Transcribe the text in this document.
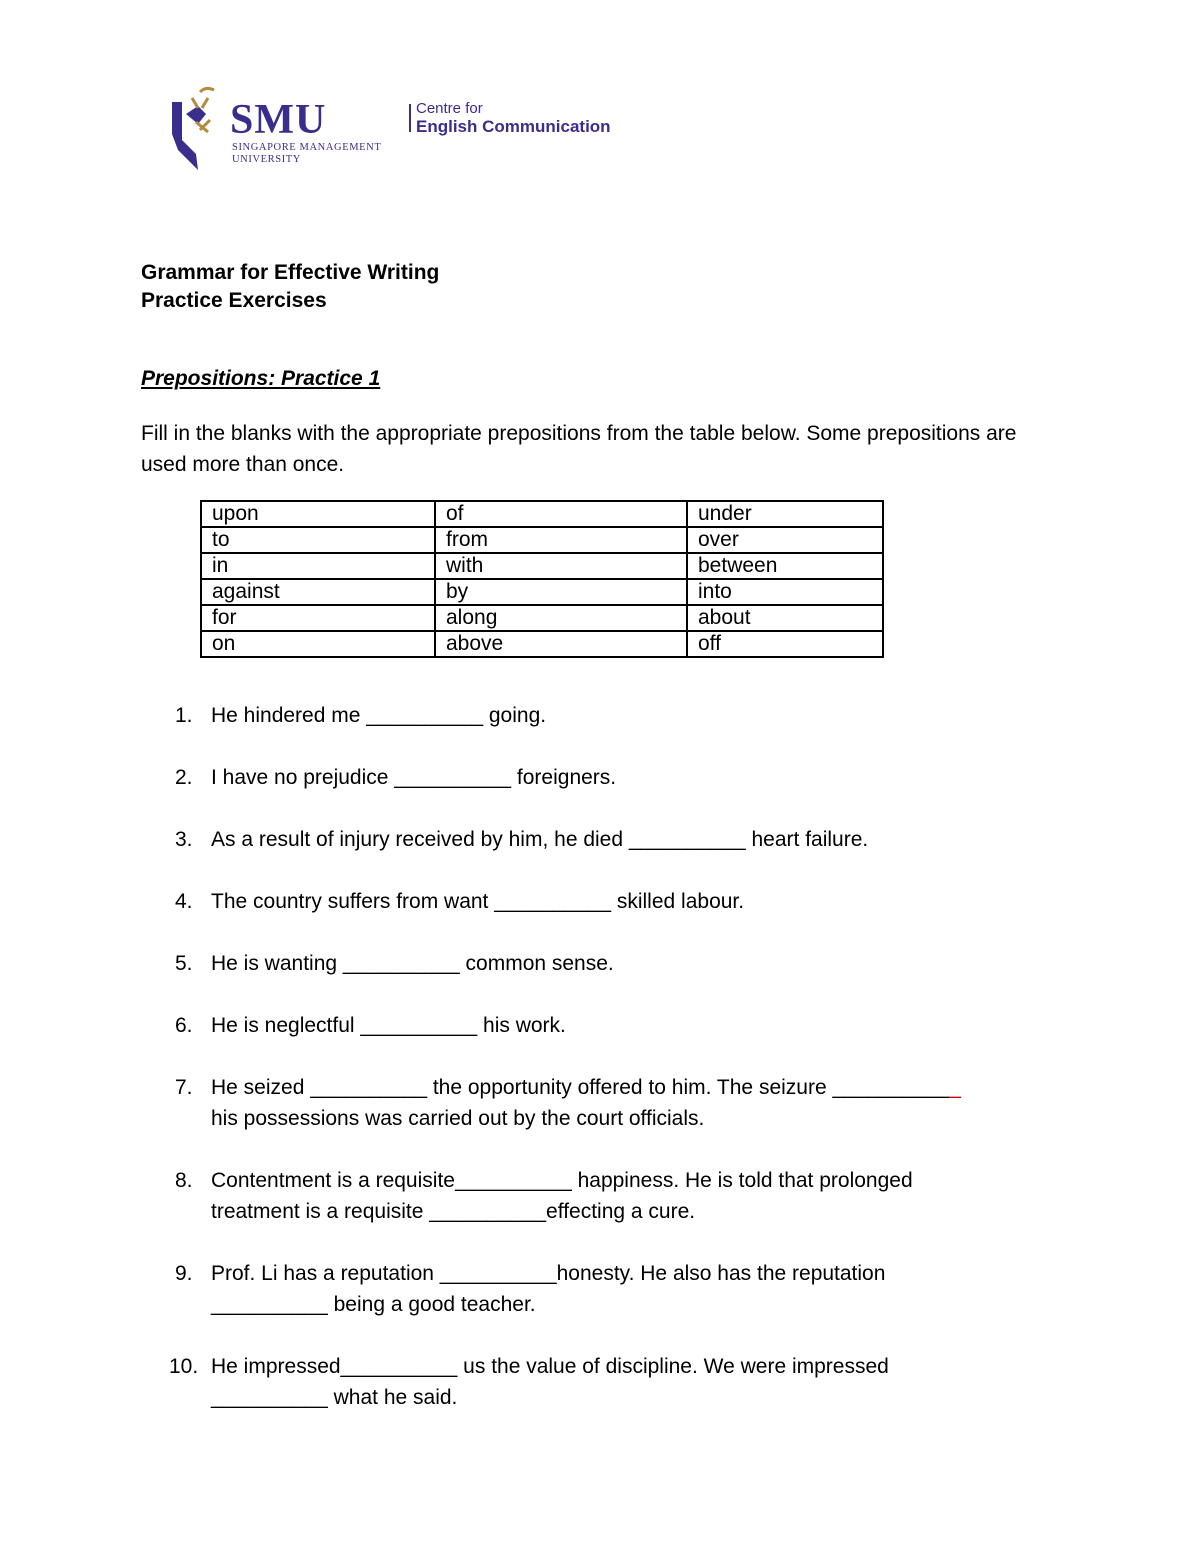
SMU
SINGAPORE MANAGEMENT
UNIVERSITY
Centre for
English Communication
Grammar for Effective Writing
Practice Exercises
Prepositions: Practice 1
Fill in the blanks with the appropriate prepositions from the table below. Some prepositions are used more than once.
upon	of	under
to	from	over
in	with	between
against	by	into
for	along	about
on	above	off
1. He hindered me __________ going.
2. I have no prejudice __________ foreigners.
3. As a result of injury received by him, he died __________ heart failure.
4. The country suffers from want __________ skilled labour.
5. He is wanting __________ common sense.
6. He is neglectful __________ his work.
7. He seized __________ the opportunity offered to him. The seizure ___________
his possessions was carried out by the court officials.
8. Contentment is a requisite__________ happiness. He is told that prolonged
treatment is a requisite __________effecting a cure.
9. Prof. Li has a reputation __________honesty. He also has the reputation
__________ being a good teacher.
10. He impressed__________ us the value of discipline. We were impressed
__________ what he said.
